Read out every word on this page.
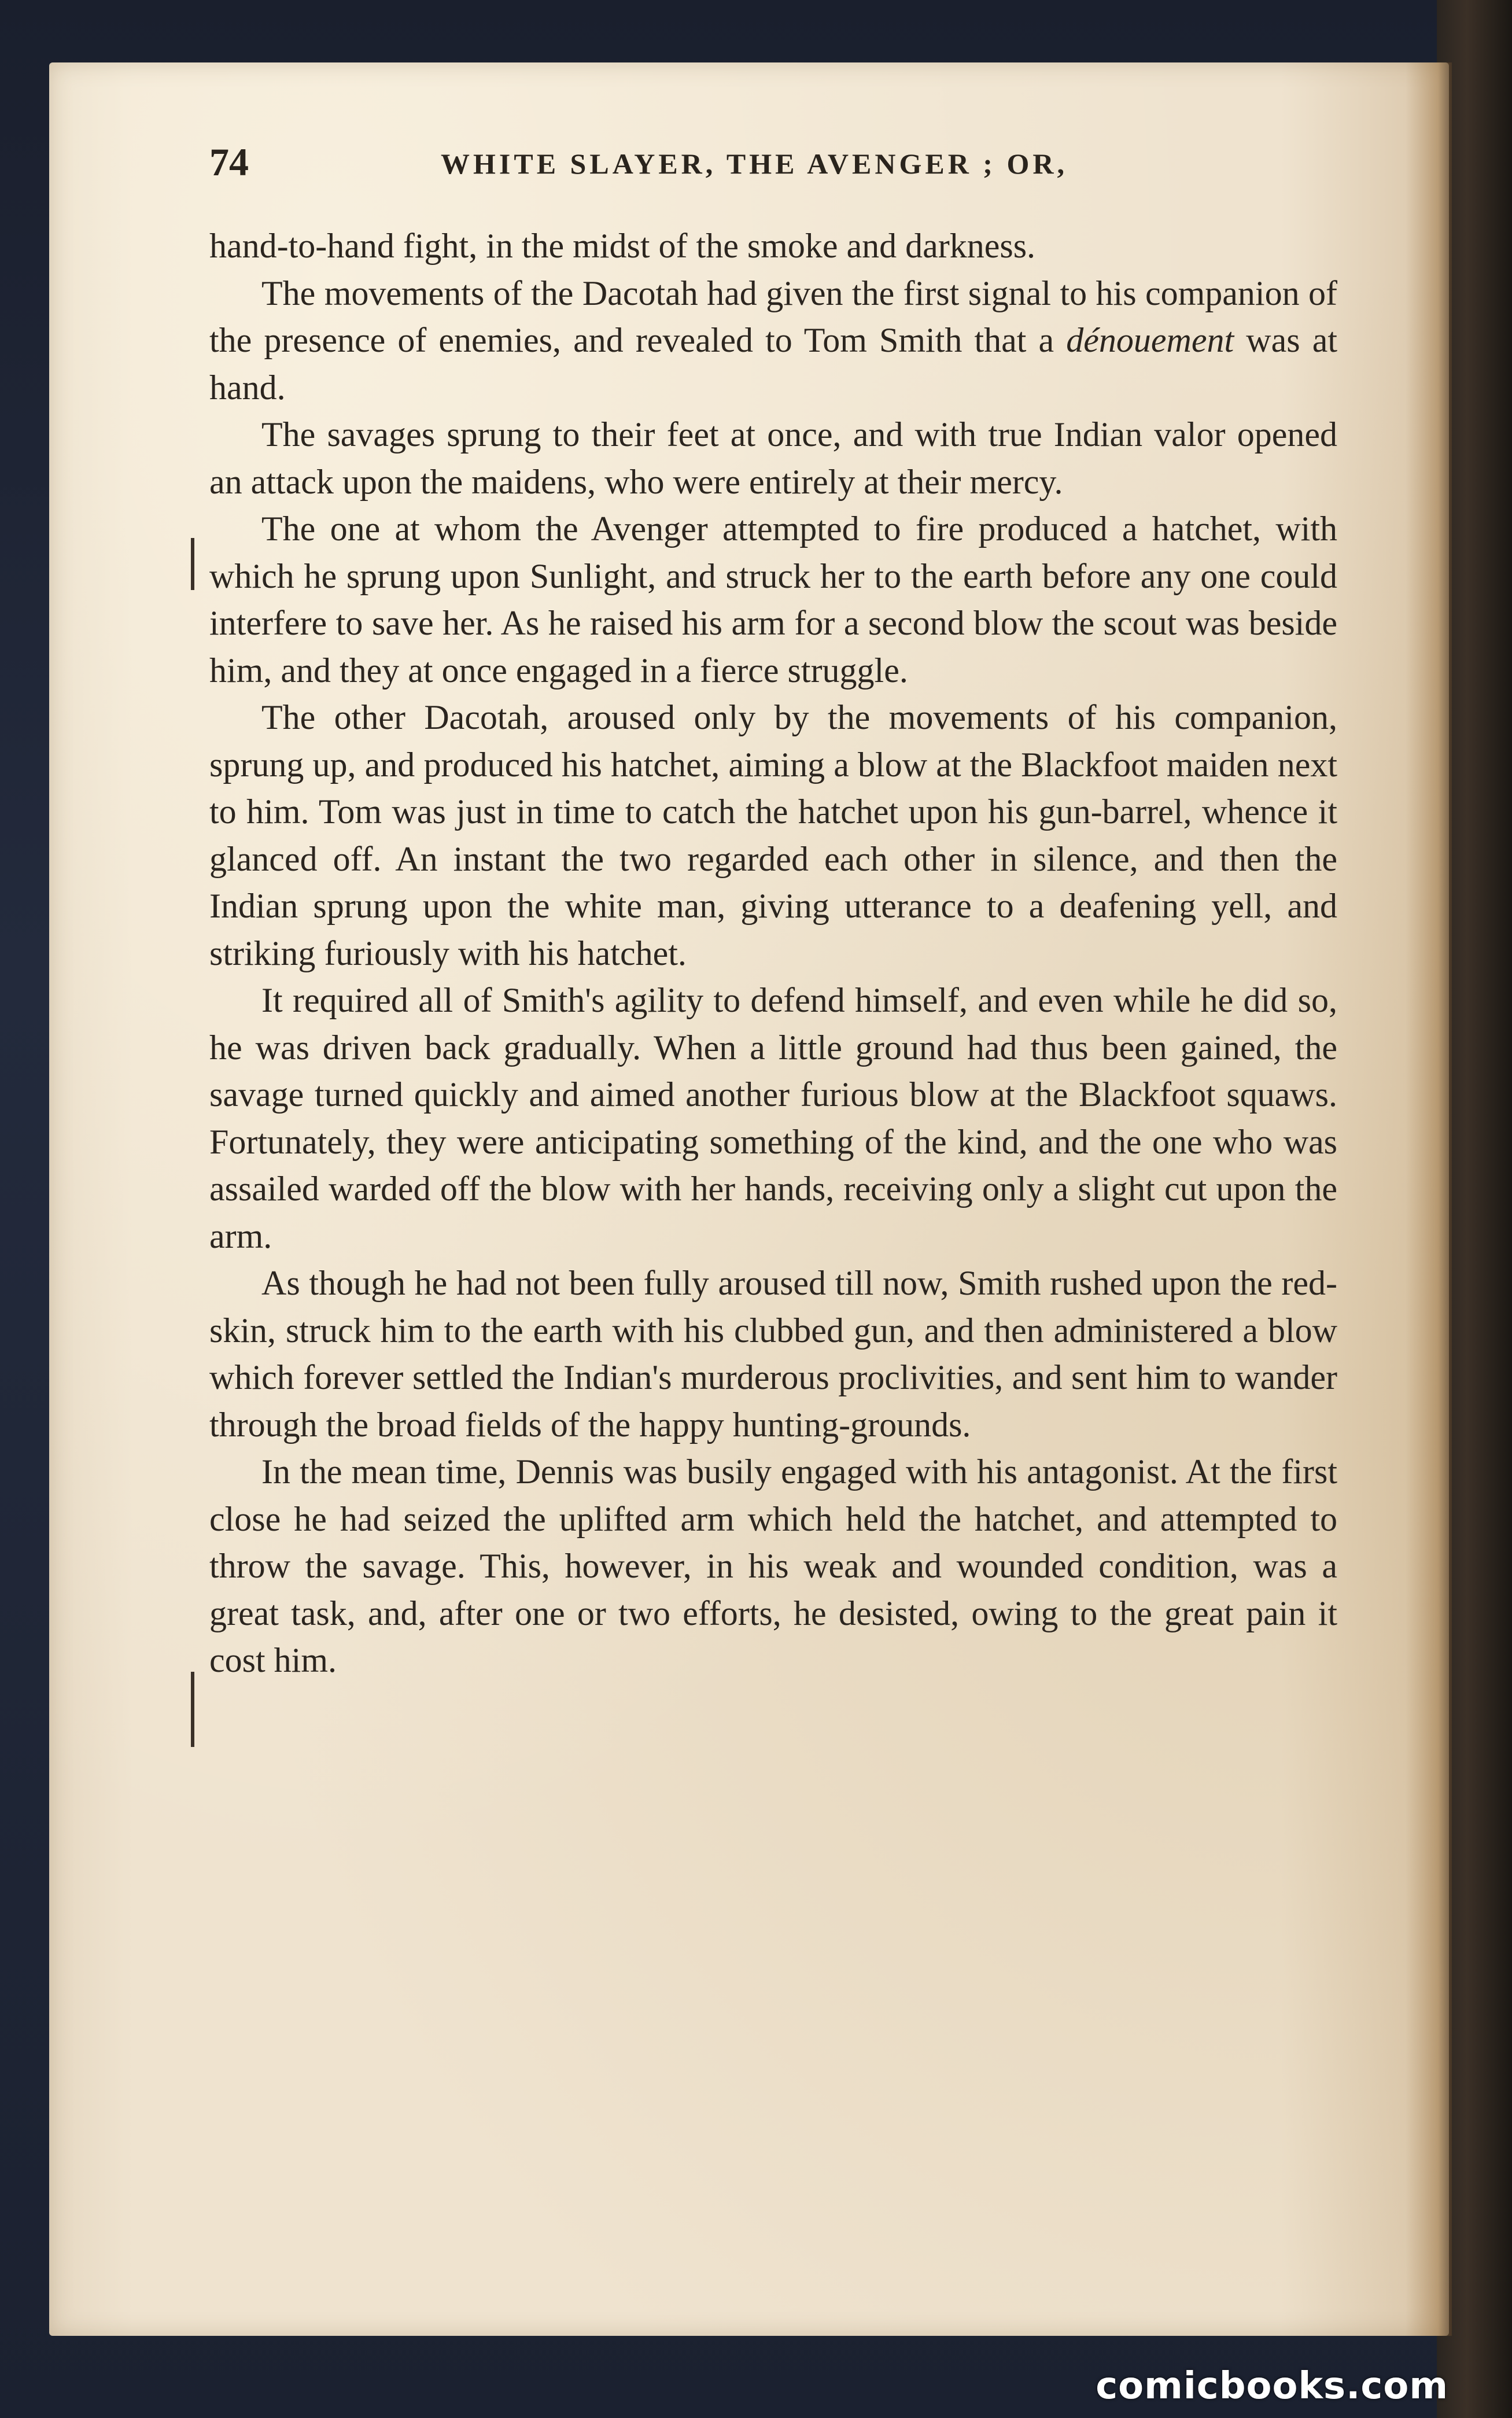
74	WHITE SLAYER, THE AVENGER ; OR,

hand-to-hand fight, in the midst of the smoke and darkness.

The movements of the Dacotah had given the first signal to his companion of the presence of enemies, and revealed to Tom Smith that a dénouement was at hand.

The savages sprung to their feet at once, and with true Indian valor opened an attack upon the maidens, who were entirely at their mercy.

The one at whom the Avenger attempted to fire produced a hatchet, with which he sprung upon Sunlight, and struck her to the earth before any one could interfere to save her. As he raised his arm for a second blow the scout was beside him, and they at once engaged in a fierce struggle.

The other Dacotah, aroused only by the movements of his companion, sprung up, and produced his hatchet, aiming a blow at the Blackfoot maiden next to him. Tom was just in time to catch the hatchet upon his gun-barrel, whence it glanced off. An instant the two regarded each other in silence, and then the Indian sprung upon the white man, giving utterance to a deafening yell, and striking furiously with his hatchet.

It required all of Smith's agility to defend himself, and even while he did so, he was driven back gradually. When a little ground had thus been gained, the savage turned quickly and aimed another furious blow at the Blackfoot squaws. Fortunately, they were anticipating something of the kind, and the one who was assailed warded off the blow with her hands, receiving only a slight cut upon the arm.

As though he had not been fully aroused till now, Smith rushed upon the red-skin, struck him to the earth with his clubbed gun, and then administered a blow which forever settled the Indian's murderous proclivities, and sent him to wander through the broad fields of the happy hunting-grounds.

In the mean time, Dennis was busily engaged with his antagonist. At the first close he had seized the uplifted arm which held the hatchet, and attempted to throw the savage. This, however, in his weak and wounded condition, was a great task, and, after one or two efforts, he desisted, owing to the great pain it cost him.

comicbooks.com
